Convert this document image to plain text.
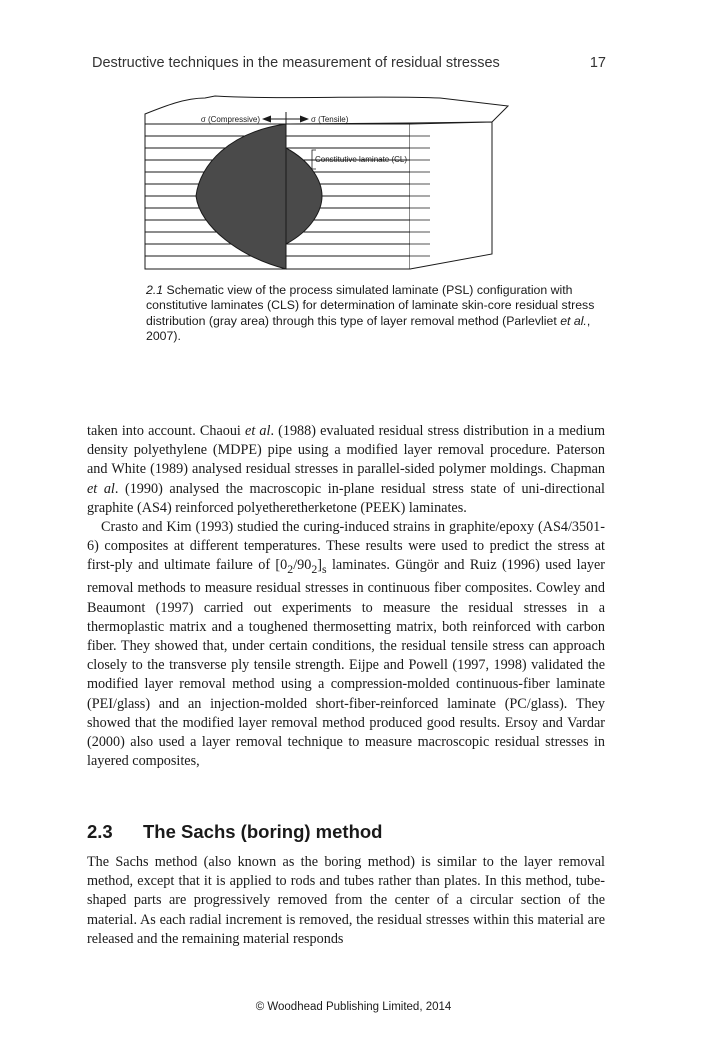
Destructive techniques in the measurement of residual stresses	17
σ (Compressive)	σ (Tensile)
Constitutive laminate (CL)
2.1 Schematic view of the process simulated laminate (PSL) configuration with constitutive laminates (CLS) for determination of laminate skin-core residual stress distribution (gray area) through this type of layer removal method (Parlevliet et al., 2007).

taken into account. Chaoui et al. (1988) evaluated residual stress distribution in a medium density polyethylene (MDPE) pipe using a modified layer removal procedure. Paterson and White (1989) analysed residual stresses in parallel-sided polymer moldings. Chapman et al. (1990) analysed the macroscopic in-plane residual stress state of uni-directional graphite (AS4) reinforced polyetheretherketone (PEEK) laminates.

Crasto and Kim (1993) studied the curing-induced strains in graphite/epoxy (AS4/3501-6) composites at different temperatures. These results were used to predict the stress at first-ply and ultimate failure of $[0_2/90_2]_s$ laminates. Güngör and Ruiz (1996) used layer removal methods to measure residual stresses in continuous fiber composites. Cowley and Beaumont (1997) carried out experiments to measure the residual stresses in a thermoplastic matrix and a toughened thermosetting matrix, both reinforced with carbon fiber. They showed that, under certain conditions, the residual tensile stress can approach closely to the transverse ply tensile strength. Eijpe and Powell (1997, 1998) validated the modified layer removal method using a compression-molded continuous-fiber laminate (PEI/glass) and an injection-molded short-fiber-reinforced laminate (PC/glass). They showed that the modified layer removal method produced good results. Ersoy and Vardar (2000) also used a layer removal technique to measure macroscopic residual stresses in layered composites,

2.3 The Sachs (boring) method

The Sachs method (also known as the boring method) is similar to the layer removal method, except that it is applied to rods and tubes rather than plates. In this method, tube-shaped parts are progressively removed from the center of a circular section of the material. As each radial increment is removed, the residual stresses within this material are released and the remaining material responds

© Woodhead Publishing Limited, 2014
